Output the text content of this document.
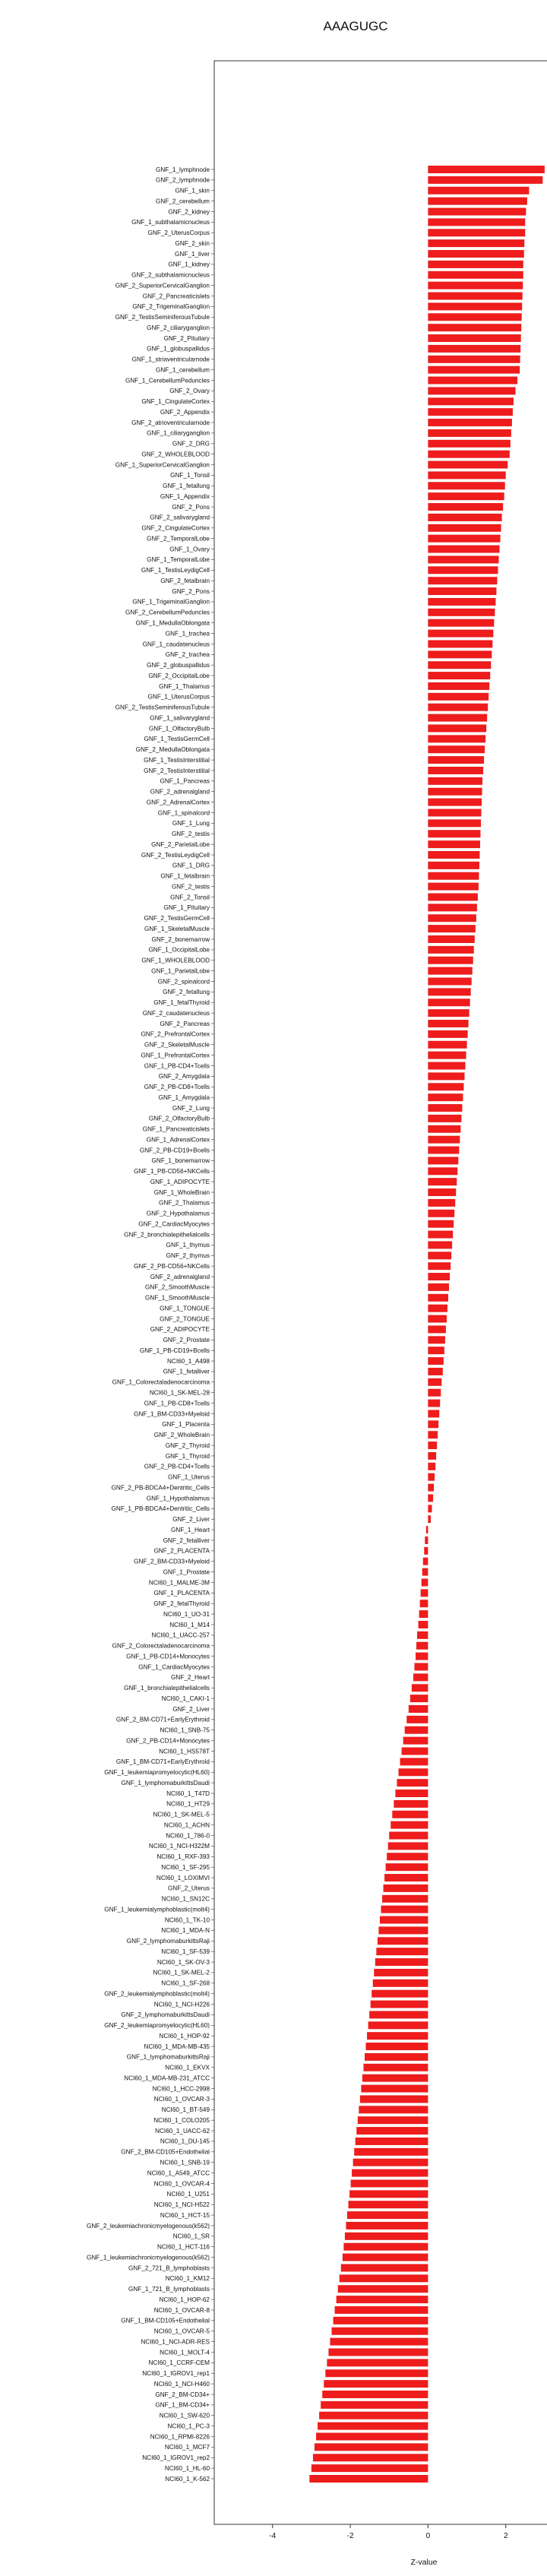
AAAGUGC
GNF_1_lymphnode
GNF_2_lymphnode
GNF_1_skin
GNF_2_cerebellum
GNF_2_kidney
GNF_1_subthalamicnucleus
GNF_2_UterusCorpus
GNF_2_skin
GNF_1_liver
GNF_1_kidney
GNF_2_subthalamicnucleus
GNF_2_SuperiorCervicalGanglion
GNF_2_Pancreaticislets
GNF_2_TrigeminalGanglion
GNF_2_TestisSeminiferousTubule
GNF_2_ciliaryganglion
GNF_2_Pituitary
GNF_1_globuspallidus
GNF_1_striaventricularnode
GNF_1_cerebellum
GNF_1_CerebellumPeduncles
GNF_2_Ovary
GNF_1_CingulateCortex
GNF_2_Appendix
GNF_2_atrioventricularnode
GNF_1_ciliaryganglion
GNF_2_DRG
GNF_2_WHOLEBLOOD
GNF_1_SuperiorCervicalGanglion
GNF_1_Tonsil
GNF_1_fetallung
GNF_1_Appendix
GNF_2_Pons
GNF_2_salivarygland
GNF_2_CingulateCortex
GNF_2_TemporalLobe
GNF_1_Ovary
GNF_1_TemporalLobe
GNF_1_TestisLeydigCell
GNF_2_fetalbrain
GNF_2_Pons
GNF_1_TrigeminalGanglion
GNF_2_CerebellumPeduncles
GNF_1_MedullaOblongata
GNF_1_trachea
GNF_1_caudatenucleus
GNF_2_trachea
GNF_2_globuspallidus
GNF_2_OccipitalLobe
GNF_1_Thalamus
GNF_1_UterusCorpus
GNF_2_TestisSeminiferousTubule
GNF_1_salivarygland
GNF_1_OlfactoryBulb
GNF_1_TestisGermCell
GNF_2_MedullaOblongata
GNF_1_TestisInterstitial
GNF_2_TestisInterstitial
GNF_1_Pancreas
GNF_2_adrenalgland
GNF_2_AdrenalCortex
GNF_1_spinalcord
GNF_1_Lung
GNF_2_testis
GNF_2_ParietalLobe
GNF_2_TestisLeydigCell
GNF_1_DRG
GNF_1_fetalbrain
GNF_2_testis
GNF_2_Tonsil
GNF_1_Pituitary
GNF_2_TestisGermCell
GNF_1_SkeletalMuscle
GNF_2_bonemarrow
GNF_1_OccipitalLobe
GNF_1_WHOLEBLOOD
GNF_1_ParietalLobe
GNF_2_spinalcord
GNF_2_fetallung
GNF_1_fetalThyroid
GNF_2_caudatenucleus
GNF_2_Pancreas
GNF_2_PrefrontalCortex
GNF_2_SkeletalMuscle
GNF_1_PrefrontalCortex
GNF_1_PB-CD4+Tcells
GNF_2_Amygdala
GNF_2_PB-CD8+Tcells
GNF_1_Amygdala
GNF_2_Lung
GNF_2_OlfactoryBulb
GNF_1_Pancreaticislets
GNF_1_AdrenalCortex
GNF_2_PB-CD19+Bcells
GNF_1_bonemarrow
GNF_1_PB-CD56+NKCells
GNF_1_ADIPOCYTE
GNF_1_WholeBrain
GNF_2_Thalamus
GNF_2_Hypothalamus
GNF_2_CardiacMyocytes
GNF_2_bronchialepithelialcells
GNF_1_thymus
GNF_2_thymus
GNF_2_PB-CD56+NKCells
GNF_2_adrenalgland
GNF_2_SmoothMuscle
GNF_1_SmoothMuscle
GNF_1_TONGUE
GNF_2_TONGUE
GNF_2_ADIPOCYTE
GNF_2_Prostate
GNF_1_PB-CD19+Bcells
NCI60_1_A498
GNF_1_fetalliver
GNF_1_Colorectaladenocarcinoma
NCI60_1_SK-MEL-28
GNF_1_PB-CD8+Tcells
GNF_1_BM-CD33+Myeloid
GNF_1_Placenta
GNF_2_WholeBrain
GNF_2_Thyroid
GNF_1_Thyroid
GNF_2_PB-CD4+Tcells
GNF_1_Uterus
GNF_2_PB-BDCA4+Dentritic_Cells
GNF_1_Hypothalamus
GNF_1_PB-BDCA4+Dentritic_Cells
GNF_2_Liver
GNF_1_Heart
GNF_2_fetalliver
GNF_2_PLACENTA
GNF_2_BM-CD33+Myeloid
GNF_1_Prostate
NCI60_1_MALME-3M
GNF_1_PLACENTA
GNF_2_fetalThyroid
NCI60_1_UO-31
NCI60_1_M14
NCI60_1_UACC-257
GNF_2_Colorectaladenocarcinoma
GNF_1_PB-CD14+Monocytes
GNF_1_CardiacMyocytes
GNF_2_Heart
GNF_1_bronchialepithelialcells
NCI60_1_CAKI-1
GNF_2_Liver
GNF_2_BM-CD71+EarlyErythroid
NCI60_1_SNB-75
GNF_2_PB-CD14+Monocytes
NCI60_1_HS578T
GNF_1_BM-CD71+EarlyErythroid
GNF_1_leukemiapromyelocytic(HL60)
GNF_1_lymphomaburkittsDaudi
NCI60_1_T47D
NCI60_1_HT29
NCI60_1_SK-MEL-5
NCI60_1_ACHN
NCI60_1_786-0
NCI60_1_NCI-H322M
NCI60_1_RXF-393
NCI60_1_SF-295
NCI60_1_LOXIMVI
GNF_2_Uterus
NCI60_1_SN12C
GNF_1_leukemialymphoblastic(molt4)
NCI60_1_TK-10
NCI60_1_MDA-N
GNF_2_lymphomaburkittsRaji
NCI60_1_SF-539
NCI60_1_SK-OV-3
NCI60_1_SK-MEL-2
NCI60_1_SF-268
GNF_2_leukemialymphoblastic(molt4)
NCI60_1_NCI-H226
GNF_2_lymphomaburkittsDaudi
GNF_2_leukemiapromyelocytic(HL60)
NCI60_1_HOP-92
NCI60_1_MDA-MB-435
GNF_1_lymphomaburkittsRaji
NCI60_1_EKVX
NCI60_1_MDA-MB-231_ATCC
NCI60_1_HCC-2998
NCI60_1_OVCAR-3
NCI60_1_BT-549
NCI60_1_COLO205
NCI60_1_UACC-62
NCI60_1_DU-145
GNF_2_BM-CD105+Endothelial
NCI60_1_SNB-19
NCI60_1_A549_ATCC
NCI60_1_OVCAR-4
NCI60_1_U251
NCI60_1_NCI-H522
NCI60_1_HCT-15
GNF_2_leukemiachronicmyelogenous(k562)
NCI60_1_SR
NCI60_1_HCT-116
GNF_1_leukemiachronicmyelogenous(k562)
GNF_2_721_B_lymphoblasts
NCI60_1_KM12
GNF_1_721_B_lymphoblasts
NCI60_1_HOP-62
NCI60_1_OVCAR-8
GNF_1_BM-CD105+Endothelial
NCI60_1_OVCAR-5
NCI60_1_NCI-ADR-RES
NCI60_1_MOLT-4
NCI60_1_CCRF-CEM
NCI60_1_IGROV1_rep1
NCI60_1_NCI-H460
GNF_2_BM-CD34+
GNF_1_BM-CD34+
NCI60_1_SW-620
NCI60_1_PC-3
NCI60_1_RPMI-8226
NCI60_1_MCF7
NCI60_1_IGROV1_rep2
NCI60_1_HL-60
NCI60_1_K-562
-4	-2	0	2
Z-value
